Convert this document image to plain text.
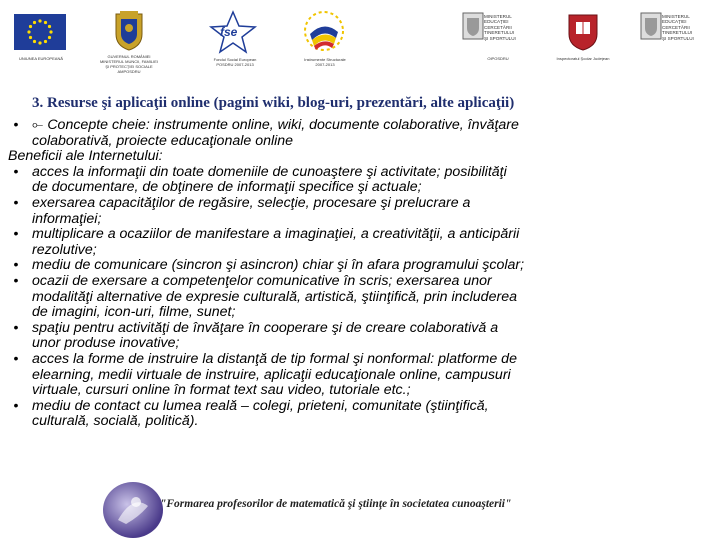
UNIUNEA EUROPEANĂ	GUVERNUL ROMÂNIEI
MINISTERUL MUNCII, FAMILIEI
ŞI PROTECŢIEI SOCIALE
AMPOSDRU
fse
Fondul Social European
POSDRU 2007-2013
Instrumente Structurale
2007-2013
MINISTERUL
EDUCAŢIEI
CERCETĂRII
TINERETULUI
ŞI SPORTULUI
OIPOSDRU	Inspectoratul Şcolar Judeţean
MINISTERUL
EDUCAŢIEI
CERCETĂRII
TINERETULUI
ŞI SPORTULUI
3. Resurse şi aplicaţii online (pagini wiki, blog-uri, prezentări, alte aplicaţii)
• ⟜ Concepte cheie: instrumente online, wiki, documente colaborative, învăţare
colaborativă, proiecte educaţionale online
Beneficii ale Internetului:
• acces la informaţii din toate domeniile de cunoaştere şi activitate; posibilităţi
de documentare, de obţinere de informaţii specifice şi actuale;
• exersarea capacităţilor de regăsire, selecţie, procesare şi prelucrare a
informaţiei;
• multiplicare a ocaziilor de manifestare a imaginaţiei, a creativităţii, a anticipării
rezolutive;
• mediu de comunicare (sincron şi asincron) chiar şi în afara programului şcolar;
• ocazii de exersare a competenţelor comunicative în scris; exersarea unor
modalităţi alternative de expresie culturală, artistică, ştiinţifică, prin includerea
de imagini, icon-uri, filme, sunet;
• spaţiu pentru activităţi de învăţare în cooperare şi de creare colaborativă a
unor produse inovative;
• acces la forme de instruire la distanţă de tip formal şi nonformal: platforme de
elearning, medii virtuale de instruire, aplicaţii educaţionale online, campusuri
virtuale, cursuri online în format text sau video, tutoriale etc.;
• mediu de contact cu lumea reală – colegi, prieteni, comunitate (ştiinţifică,
culturală, socială, politică).
"Formarea profesorilor de matematică şi ştiinţe în societatea cunoaşterii"
